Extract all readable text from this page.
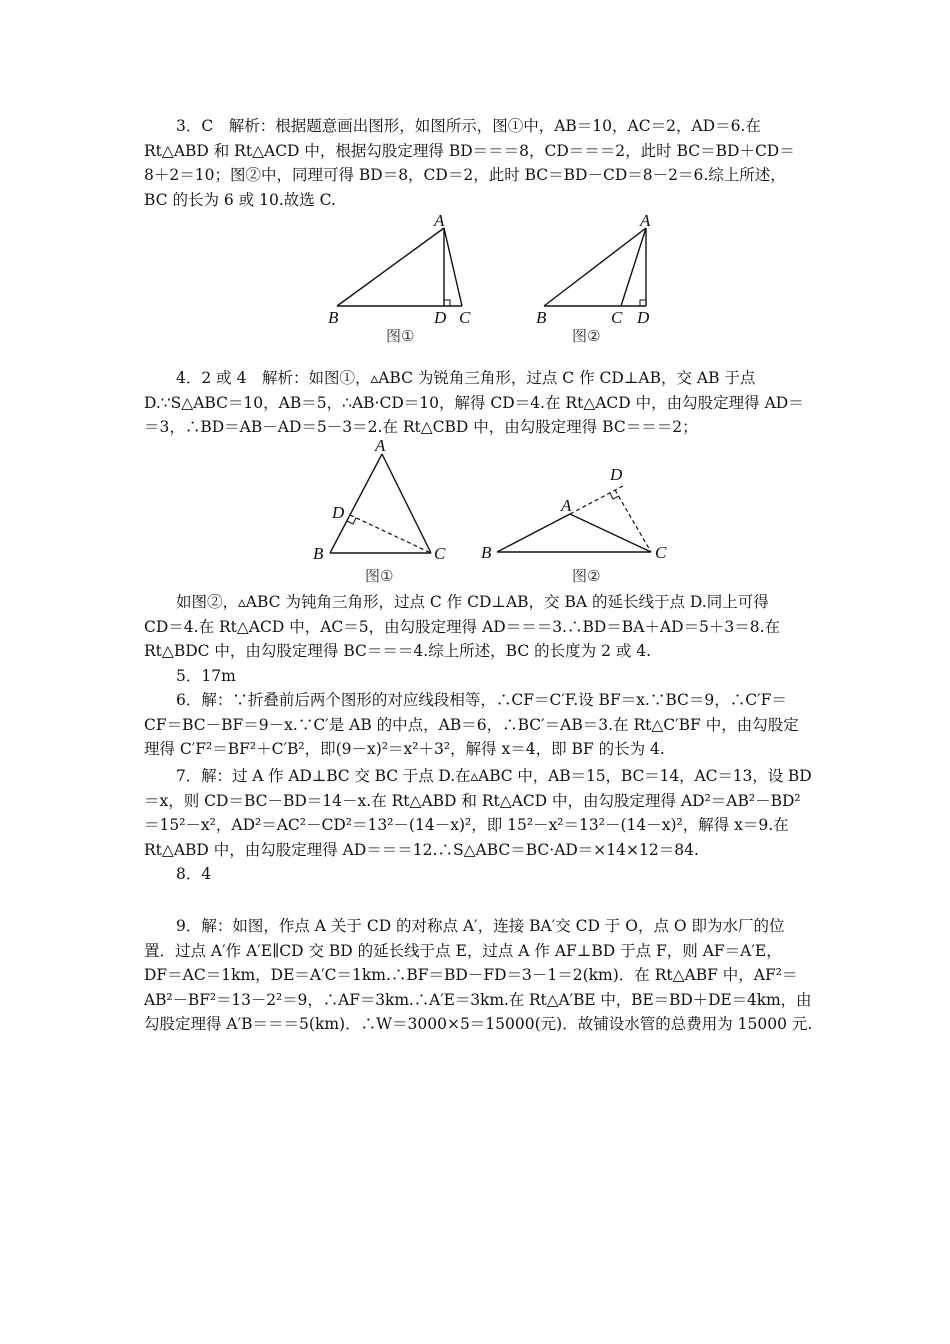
3．C　解析：根据题意画出图形，如图所示，图①中，AB＝10，AC＝2，AD＝6.在
Rt△ABD 和 Rt△ACD 中，根据勾股定理得 BD＝＝＝8，CD＝＝＝2，此时 BC＝BD＋CD＝
8＋2＝10；图②中，同理可得 BD＝8，CD＝2，此时 BC＝BD－CD＝8－2＝6.综上所述，
BC 的长为 6 或 10.故选 C.
A
B	D C
图①
A
B	C D
图②
4．2 或 4　解析：如图①，▵ABC 为锐角三角形，过点 C 作 CD⊥AB，交 AB 于点
D.∵S△ABC＝10，AB＝5，∴AB·CD＝10，解得 CD＝4.在 Rt△ACD 中，由勾股定理得 AD＝
＝3，∴BD＝AB－AD＝5－3＝2.在 Rt△CBD 中，由勾股定理得 BC＝＝＝2；
A
D
B	C
图①
D
A
B	C
图②
如图②，▵ABC 为钝角三角形，过点 C 作 CD⊥AB，交 BA 的延长线于点 D.同上可得
CD＝4.在 Rt△ACD 中，AC＝5，由勾股定理得 AD＝＝＝3.∴BD＝BA＋AD＝5＋3＝8.在
Rt△BDC 中，由勾股定理得 BC＝＝＝4.综上所述，BC 的长度为 2 或 4.
5．17m
6．解：∵折叠前后两个图形的对应线段相等，∴CF＝C′F.设 BF＝x.∵BC＝9，∴C′F＝
CF＝BC－BF＝9－x.∵C′是 AB 的中点，AB＝6，∴BC′＝AB＝3.在 Rt△C′BF 中，由勾股定
理得 C′F²＝BF²＋C′B²，即(9－x)²＝x²＋3²，解得 x＝4，即 BF 的长为 4.
7．解：过 A 作 AD⊥BC 交 BC 于点 D.在▵ABC 中，AB＝15，BC＝14，AC＝13，设 BD
＝x，则 CD＝BC－BD＝14－x.在 Rt△ABD 和 Rt△ACD 中，由勾股定理得 AD²＝AB²－BD²
＝15²－x²，AD²＝AC²－CD²＝13²－(14－x)²，即 15²－x²＝13²－(14－x)²，解得 x＝9.在
Rt△ABD 中，由勾股定理得 AD＝＝＝12.∴S△ABC＝BC·AD＝×14×12＝84.
8．4
9．解：如图，作点 A 关于 CD 的对称点 A′，连接 BA′交 CD 于 O，点 O 即为水厂的位
置．过点 A′作 A′E∥CD 交 BD 的延长线于点 E，过点 A 作 AF⊥BD 于点 F，则 AF＝A′E，
DF＝AC＝1km，DE＝A′C＝1km.∴BF＝BD－FD＝3－1＝2(km)．在 Rt△ABF 中，AF²＝
AB²－BF²＝13－2²＝9，∴AF＝3km.∴A′E＝3km.在 Rt△A′BE 中，BE＝BD＋DE＝4km，由
勾股定理得 A′B＝＝＝5(km)．∴W＝3000×5＝15000(元)．故铺设水管的总费用为 15000 元.
